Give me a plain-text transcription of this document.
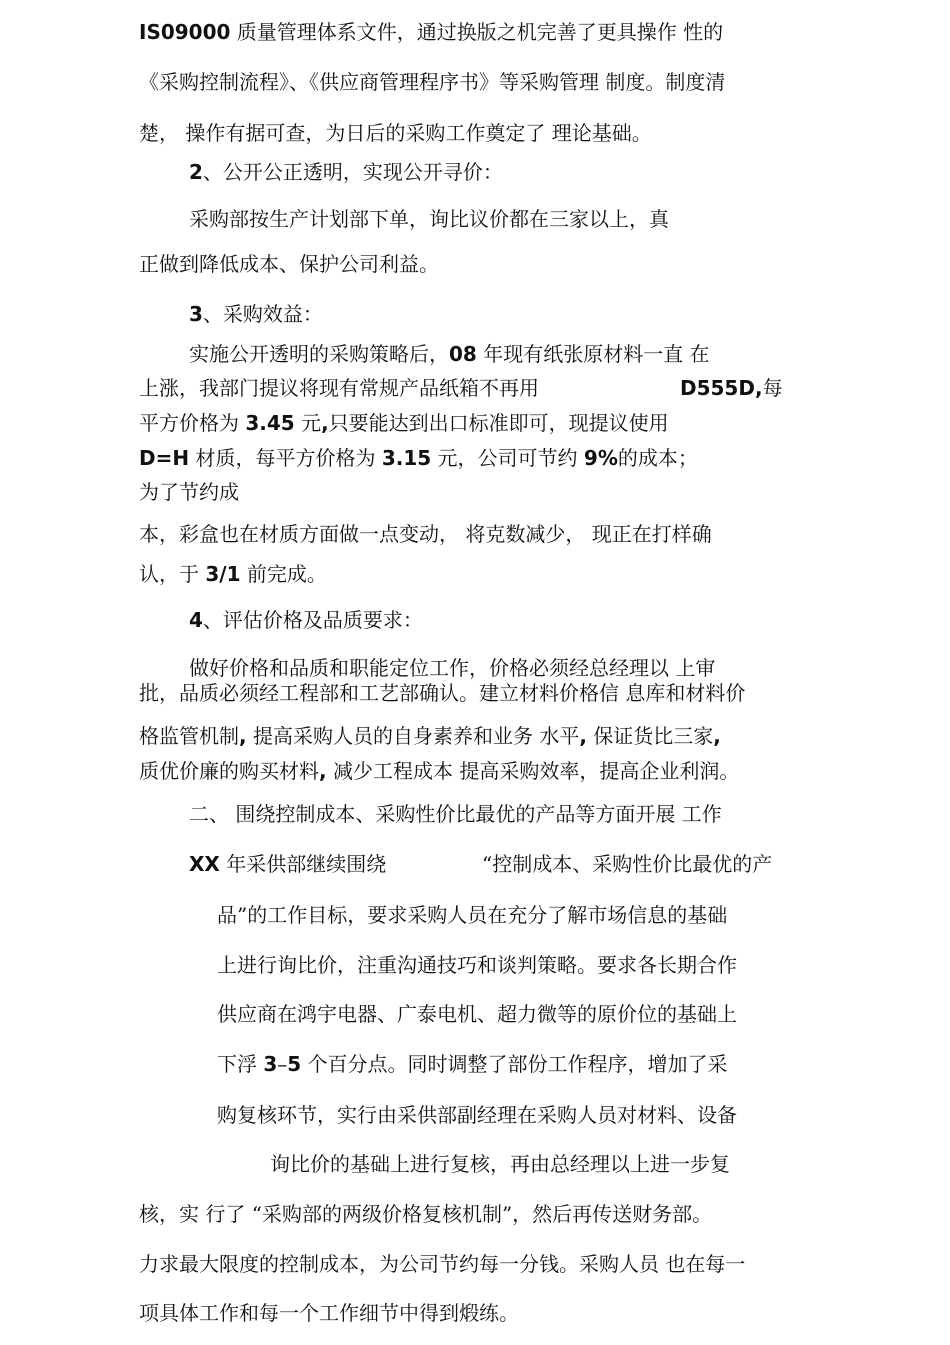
IS09000 质量管理体系文件，通过换版之机完善了更具操作 性的
《采购控制流程》、《供应商管理程序书》等采购管理 制度。制度清
楚， 操作有据可查，为日后的采购工作奠定了 理论基础。
2、公开公正透明，实现公开寻价：
采购部按生产计划部下单，询比议价都在三家以上，真
正做到降低成本、保护公司利益。
3、采购效益：
实施公开透明的采购策略后，08 年现有纸张原材料一直 在
上涨，我部门提议将现有常规产品纸箱不再用	D555D,每
平方价格为 3.45 元,只要能达到出口标准即可，现提议使用
D=H 材质，每平方价格为 3.15 元，公司可节约 9%的成本；
为了节约成
本，彩盒也在材质方面做一点变动， 将克数减少， 现正在打样确
认，于 3/1 前完成。
4、评估价格及品质要求：
做好价格和品质和职能定位工作，价格必须经总经理以 上审
批，品质必须经工程部和工艺部确认。建立材料价格信 息库和材料价
格监管机制, 提高采购人员的自身素养和业务 水平, 保证货比三家,
质优价廉的购买材料, 减少工程成本 提高采购效率，提高企业利润。
二、 围绕控制成本、采购性价比最优的产品等方面开展 工作
XX 年采供部继续围绕	“控制成本、采购性价比最优的产
品”的工作目标，要求采购人员在充分了解市场信息的基础
上进行询比价，注重沟通技巧和谈判策略。要求各长期合作
供应商在鸿宇电器、广泰电机、超力微等的原价位的基础上
下浮 3–5 个百分点。同时调整了部份工作程序，增加了采
购复核环节，实行由采供部副经理在采购人员对材料、设备
询比价的基础上进行复核，再由总经理以上进一步复
核，实 行了 “采购部的两级价格复核机制”，然后再传送财务部。
力求最大限度的控制成本，为公司节约每一分钱。采购人员 也在每一
项具体工作和每一个工作细节中得到煅练。
